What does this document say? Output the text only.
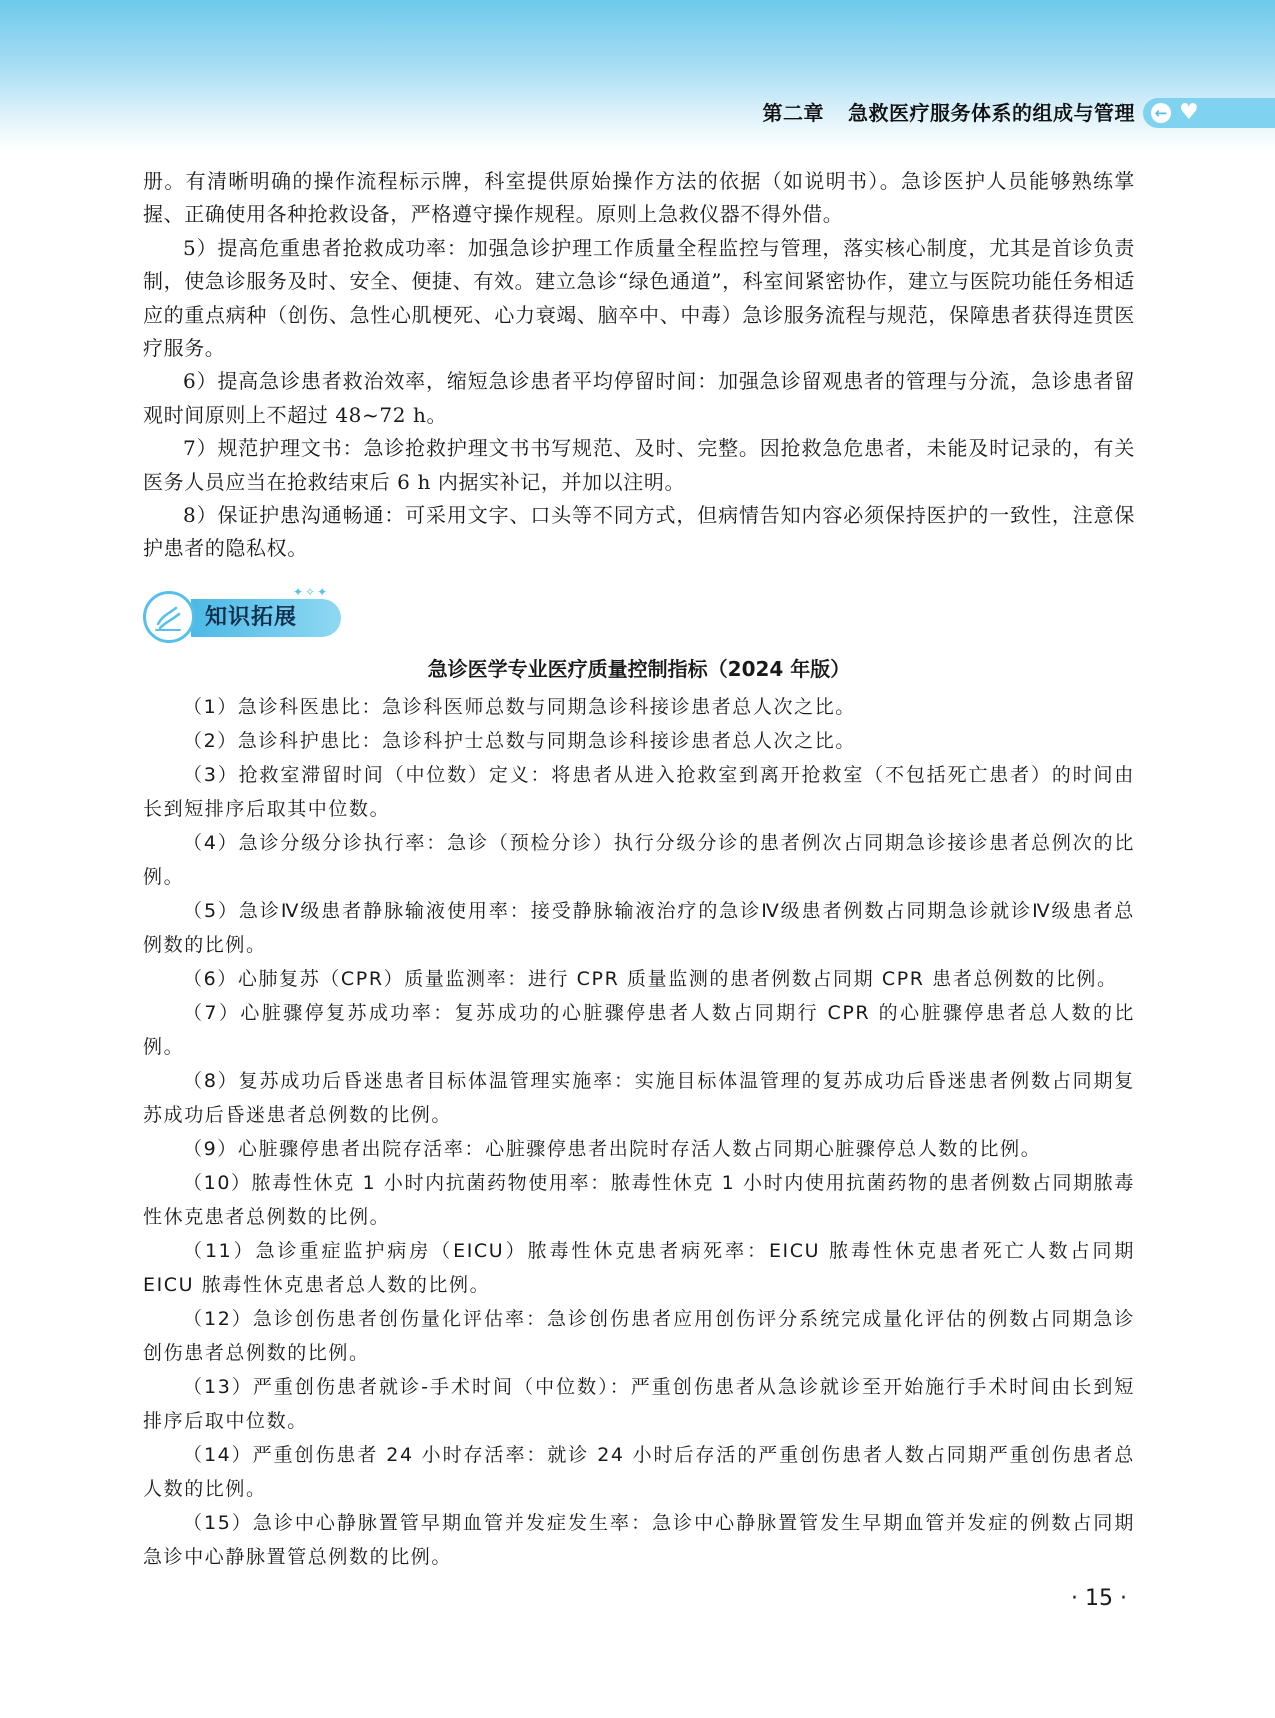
第二章 急救医疗服务体系的组成与管理 ← ♥

册。有清晰明确的操作流程标示牌，科室提供原始操作方法的依据（如说明书）。急诊医护人员能够熟练掌握、正确使用各种抢救设备，严格遵守操作规程。原则上急救仪器不得外借。

5）提高危重患者抢救成功率：加强急诊护理工作质量全程监控与管理，落实核心制度，尤其是首诊负责制，使急诊服务及时、安全、便捷、有效。建立急诊“绿色通道”，科室间紧密协作，建立与医院功能任务相适应的重点病种（创伤、急性心肌梗死、心力衰竭、脑卒中、中毒）急诊服务流程与规范，保障患者获得连贯医疗服务。

6）提高急诊患者救治效率，缩短急诊患者平均停留时间：加强急诊留观患者的管理与分流，急诊患者留观时间原则上不超过 48~72 h。

7）规范护理文书：急诊抢救护理文书书写规范、及时、完整。因抢救急危患者，未能及时记录的，有关医务人员应当在抢救结束后 6 h 内据实补记，并加以注明。

8）保证护患沟通畅通：可采用文字、口头等不同方式，但病情告知内容必须保持医护的一致性，注意保护患者的隐私权。

知识拓展
✦✧✦

急诊医学专业医疗质量控制指标（2024 年版）

（1）急诊科医患比：急诊科医师总数与同期急诊科接诊患者总人次之比。

（2）急诊科护患比：急诊科护士总数与同期急诊科接诊患者总人次之比。

（3）抢救室滞留时间（中位数）定义：将患者从进入抢救室到离开抢救室（不包括死亡患者）的时间由长到短排序后取其中位数。

（4）急诊分级分诊执行率：急诊（预检分诊）执行分级分诊的患者例次占同期急诊接诊患者总例次的比例。

（5）急诊Ⅳ级患者静脉输液使用率：接受静脉输液治疗的急诊Ⅳ级患者例数占同期急诊就诊Ⅳ级患者总例数的比例。

（6）心肺复苏（CPR）质量监测率：进行 CPR 质量监测的患者例数占同期 CPR 患者总例数的比例。

（7）心脏骤停复苏成功率：复苏成功的心脏骤停患者人数占同期行 CPR 的心脏骤停患者总人数的比例。

（8）复苏成功后昏迷患者目标体温管理实施率：实施目标体温管理的复苏成功后昏迷患者例数占同期复苏成功后昏迷患者总例数的比例。

（9）心脏骤停患者出院存活率：心脏骤停患者出院时存活人数占同期心脏骤停总人数的比例。

（10）脓毒性休克 1 小时内抗菌药物使用率：脓毒性休克 1 小时内使用抗菌药物的患者例数占同期脓毒性休克患者总例数的比例。

（11）急诊重症监护病房（EICU）脓毒性休克患者病死率：EICU 脓毒性休克患者死亡人数占同期 EICU 脓毒性休克患者总人数的比例。

（12）急诊创伤患者创伤量化评估率：急诊创伤患者应用创伤评分系统完成量化评估的例数占同期急诊创伤患者总例数的比例。

（13）严重创伤患者就诊-手术时间（中位数）：严重创伤患者从急诊就诊至开始施行手术时间由长到短排序后取中位数。

（14）严重创伤患者 24 小时存活率：就诊 24 小时后存活的严重创伤患者人数占同期严重创伤患者总人数的比例。

（15）急诊中心静脉置管早期血管并发症发生率：急诊中心静脉置管发生早期血管并发症的例数占同期急诊中心静脉置管总例数的比例。

· 15 ·
